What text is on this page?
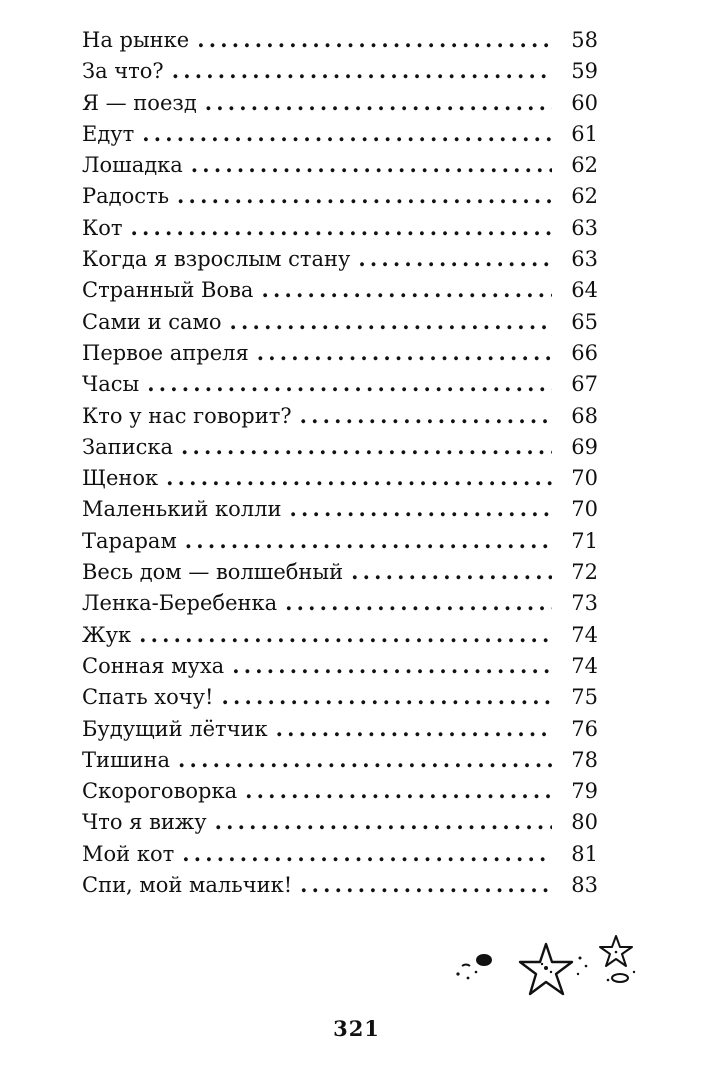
На рынке .....	58
За что? .....	59
Я — поезд .....	60
Едут .....	61
Лошадка .....	62
Радость .....	62
Кот .....	63
Когда я взрослым стану .....	63
Странный Вова .....	64
Сами и само .....	65
Первое апреля .....	66
Часы .....	67
Кто у нас говорит? .....	68
Записка .....	69
Щенок .....	70
Маленький колли .....	70
Тарарам .....	71
Весь дом — волшебный .....	72
Ленка-Беребенка .....	73
Жук .....	74
Сонная муха .....	74
Спать хочу! .....	75
Будущий лётчик .....	76
Тишина .....	78
Скороговорка .....	79
Что я вижу .....	80
Мой кот .....	81
Спи, мой мальчик! .....	83
321
